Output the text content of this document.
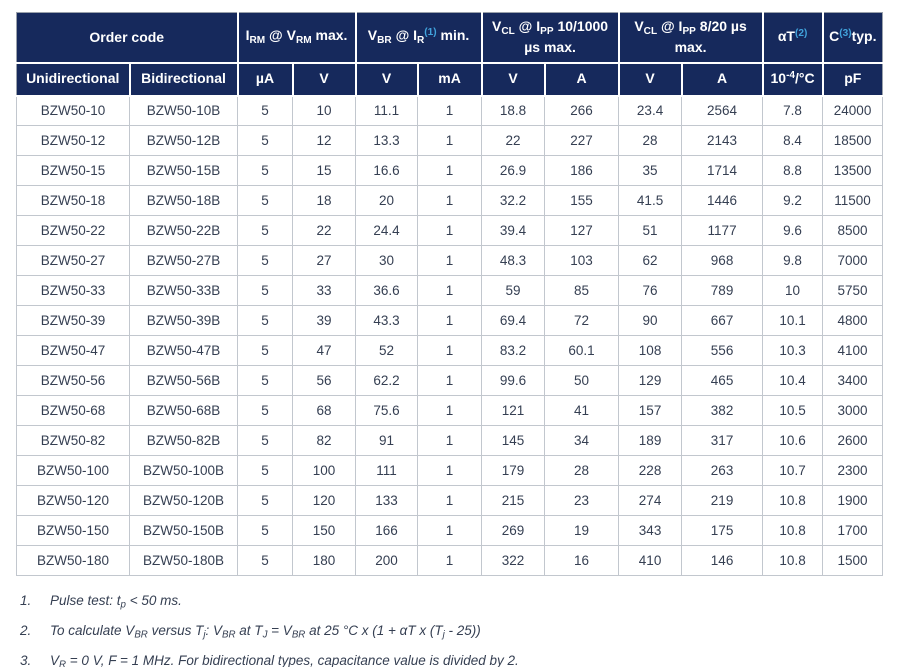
Order code		$I_{RM}$ @ $V_{RM}$ max.		$V_{BR}$ @ $I_R^{(1)}$ min.		$V_{CL}$ @ $I_{PP}$ 10/1000 µs max.		$V_{CL}$ @ $I_{PP}$ 8/20 µs max.		$\alpha T^{(2)}$	$C^{(3)}typ$.
Unidirectional	Bidirectional	µA	V	V	mA	V	A	V	A	$10^{-4}/^\circ C$	pF
BZW50-10	BZW50-10B	5	10	11.1	1	18.8	266	23.4	2564	7.8	24000
BZW50-12	BZW50-12B	5	12	13.3	1	22	227	28	2143	8.4	18500
BZW50-15	BZW50-15B	5	15	16.6	1	26.9	186	35	1714	8.8	13500
BZW50-18	BZW50-18B	5	18	20	1	32.2	155	41.5	1446	9.2	11500
BZW50-22	BZW50-22B	5	22	24.4	1	39.4	127	51	1177	9.6	8500
BZW50-27	BZW50-27B	5	27	30	1	48.3	103	62	968	9.8	7000
BZW50-33	BZW50-33B	5	33	36.6	1	59	85	76	789	10	5750
BZW50-39	BZW50-39B	5	39	43.3	1	69.4	72	90	667	10.1	4800
BZW50-47	BZW50-47B	5	47	52	1	83.2	60.1	108	556	10.3	4100
BZW50-56	BZW50-56B	5	56	62.2	1	99.6	50	129	465	10.4	3400
BZW50-68	BZW50-68B	5	68	75.6	1	121	41	157	382	10.5	3000
BZW50-82	BZW50-82B	5	82	91	1	145	34	189	317	10.6	2600
BZW50-100	BZW50-100B	5	100	111	1	179	28	228	263	10.7	2300
BZW50-120	BZW50-120B	5	120	133	1	215	23	274	219	10.8	1900
BZW50-150	BZW50-150B	5	150	166	1	269	19	343	175	10.8	1700
BZW50-180	BZW50-180B	5	180	200	1	322	16	410	146	10.8	1500
1.	Pulse test: $t_p < 50$ ms.
2.	To calculate $V_{BR}$ versus $T_j$: $V_{BR}$ at $T_J = V_{BR}$ at 25 °C x (1 + αT x $(T_j - 25)$)
3.	$V_R = 0$ V, F = 1 MHz. For bidirectional types, capacitance value is divided by 2.
